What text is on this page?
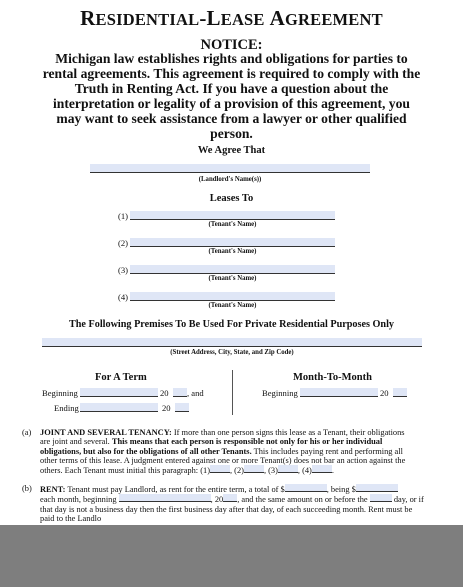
RESIDENTIAL-LEASE AGREEMENT
NOTICE:
Michigan law establishes rights and obligations for parties to
rental agreements. This agreement is required to comply with the
Truth in Renting Act. If you have a question about the
interpretation or legality of a provision of this agreement, you
may want to seek assistance from a lawyer or other qualified
person.
We Agree That
(Landlord's Name(s))
Leases To
(1)
(Tenant's Name)
(2)
(Tenant's Name)
(3)
(Tenant's Name)
(4)
(Tenant's Name)
The Following Premises To Be Used For Private Residential Purposes Only
(Street Address, City, State, and Zip Code)
For A Term	Month-To-Month
Beginning	20 , and
Ending	20
Beginning	20
(a) JOINT AND SEVERAL TENANCY: If more than one person signs this lease as a Tenant, their obligations
are joint and several. This means that each person is responsible not only for his or her individual
obligations, but also for the obligations of all other Tenants. This includes paying rent and performing all
other terms of this lease. A judgment entered against one or more Tenant(s) does not bar an action against the
others. Each Tenant must initial this paragraph: (1) , (2) , (3) , (4) .
(b) RENT: Tenant must pay Landlord, as rent for the entire term, a total of $	, being $
each month, beginning	, 20 , and the same amount on or before the	day, or if
that day is not a business day then the first business day after that day, of each succeeding month. Rent must be
paid to the Landlo
